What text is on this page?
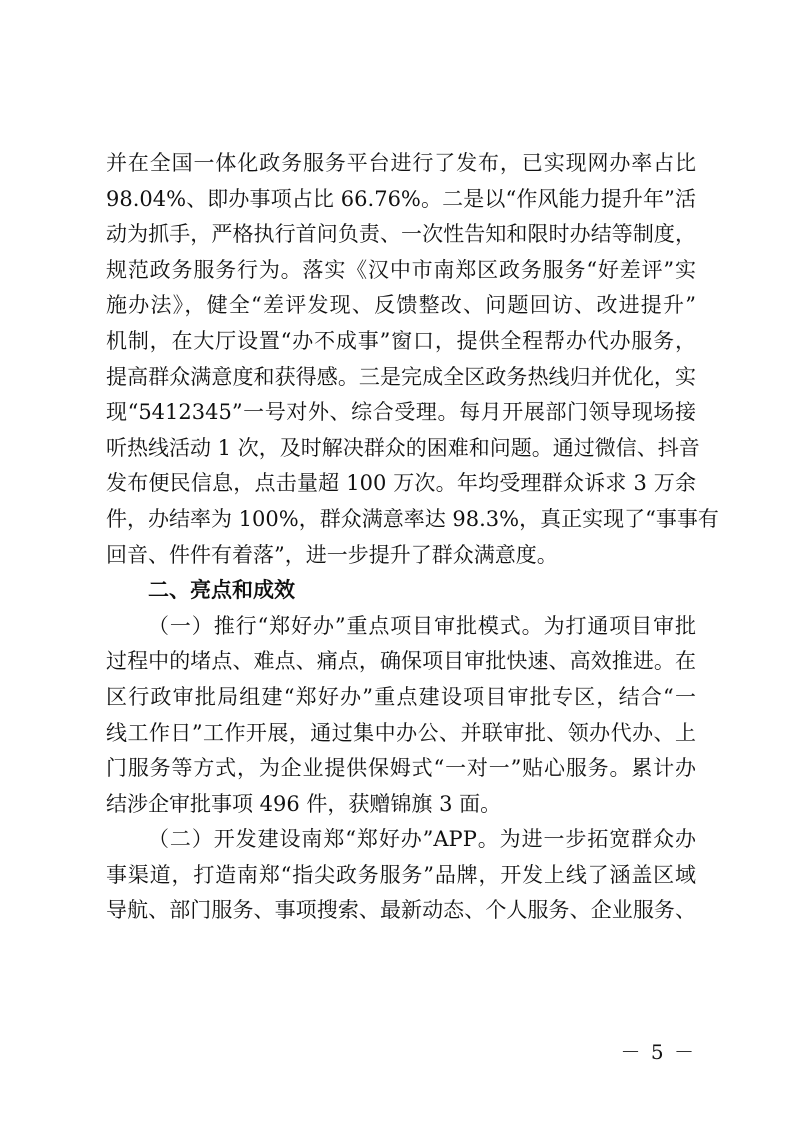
并在全国一体化政务服务平台进行了发布，已实现网办率占比
98.04%、即办事项占比 66.76%。二是以“作风能力提升年”活
动为抓手，严格执行首问负责、一次性告知和限时办结等制度，
规范政务服务行为。落实《汉中市南郑区政务服务“好差评”实
施办法》，健全“差评发现、反馈整改、问题回访、改进提升”
机制，在大厅设置“办不成事”窗口，提供全程帮办代办服务，
提高群众满意度和获得感。三是完成全区政务热线归并优化，实
现“5412345”一号对外、综合受理。每月开展部门领导现场接
听热线活动 1 次，及时解决群众的困难和问题。通过微信、抖音
发布便民信息，点击量超 100 万次。年均受理群众诉求 3 万余
件，办结率为 100%，群众满意率达 98.3%，真正实现了“事事有
回音、件件有着落”，进一步提升了群众满意度。
二、亮点和成效
（一）推行“郑好办”重点项目审批模式。为打通项目审批
过程中的堵点、难点、痛点，确保项目审批快速、高效推进。在
区行政审批局组建“郑好办”重点建设项目审批专区，结合“一
线工作日”工作开展，通过集中办公、并联审批、领办代办、上
门服务等方式，为企业提供保姆式“一对一”贴心服务。累计办
结涉企审批事项 496 件，获赠锦旗 3 面。
（二）开发建设南郑“郑好办”APP。为进一步拓宽群众办
事渠道，打造南郑“指尖政务服务”品牌，开发上线了涵盖区域
导航、部门服务、事项搜索、最新动态、个人服务、企业服务、
－ 5 －
